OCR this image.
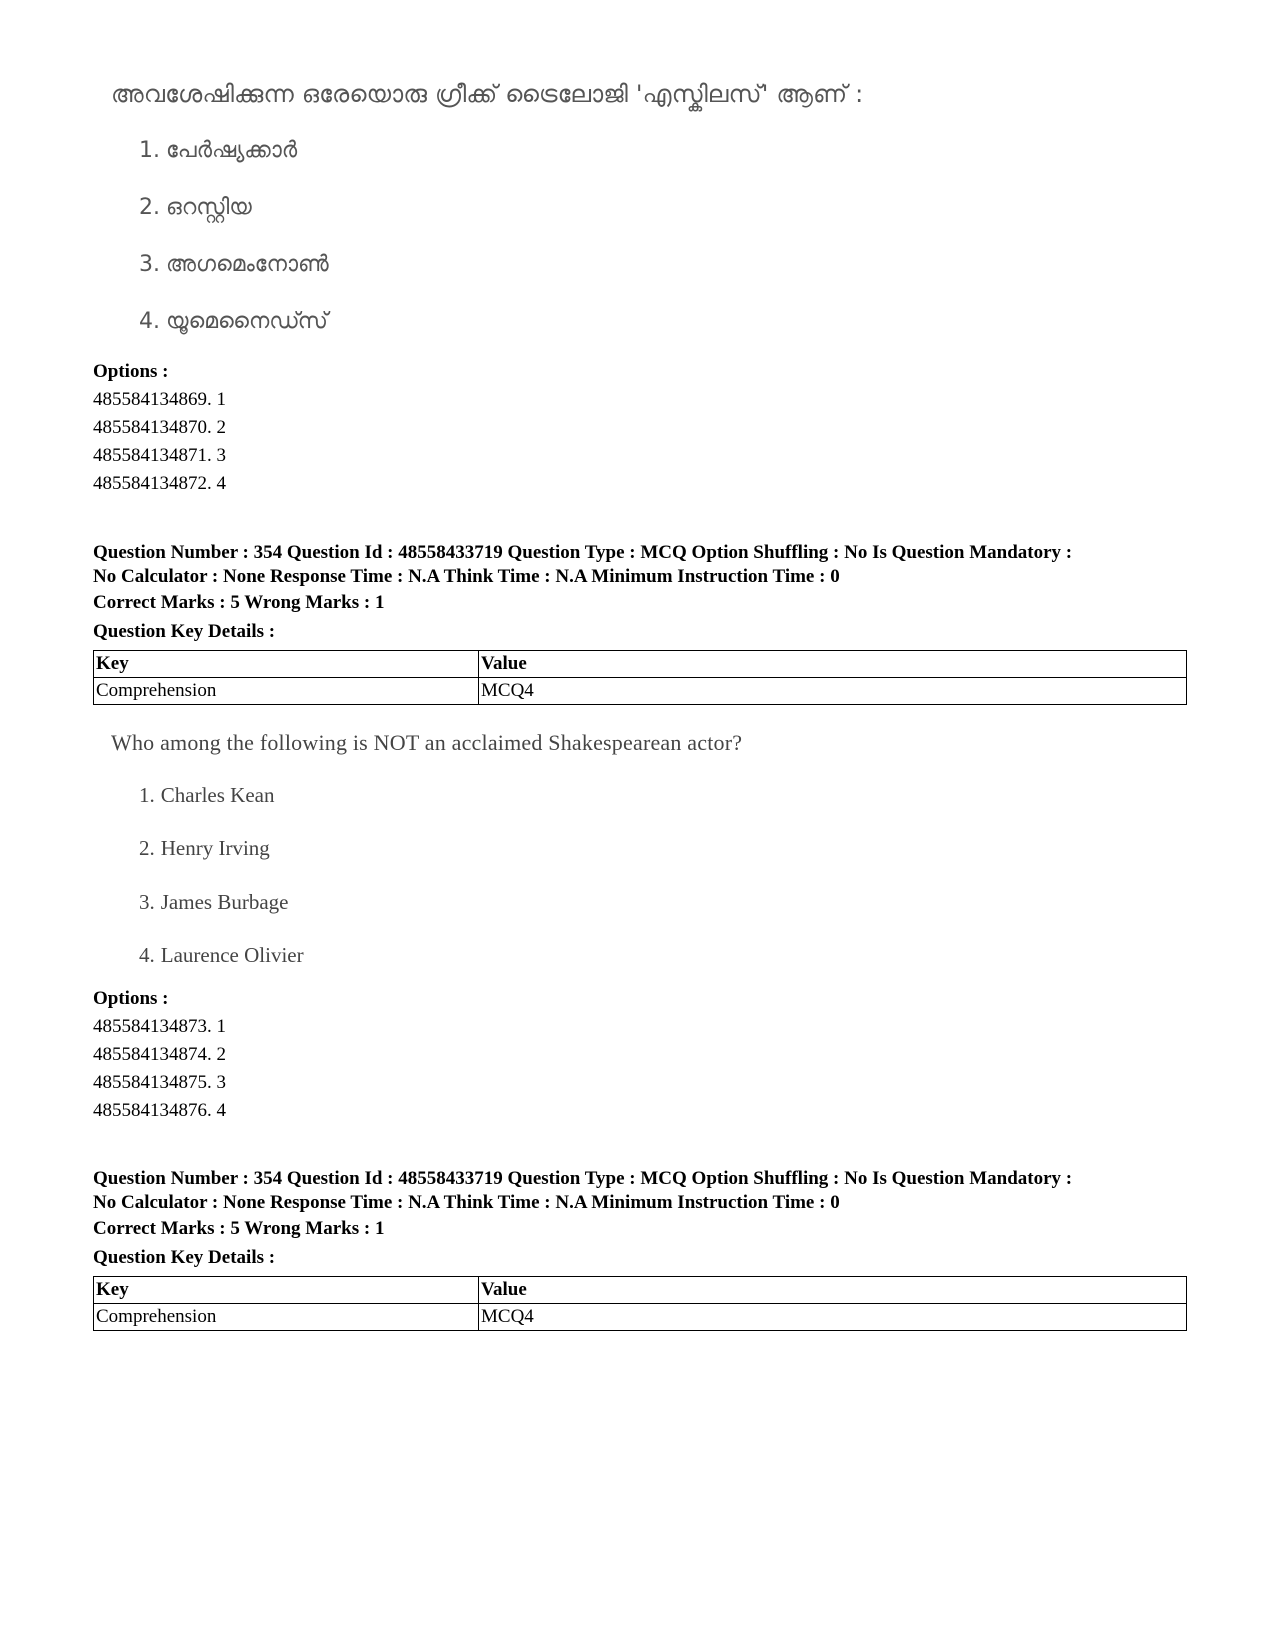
അവശേഷിക്കുന്ന ഒരേയൊരു ഗ്രീക്ക് ട്രൈലോജി 'എസ്കിലസ്' ആണ് :
1. പേർഷ്യക്കാർ
2. ഒറസ്റ്റിയ
3. അഗമെംനോൺ
4. യൂമെനൈഡ്സ്
Options :
485584134869. 1
485584134870. 2
485584134871. 3
485584134872. 4
Question Number : 354 Question Id : 48558433719 Question Type : MCQ Option Shuffling : No Is Question Mandatory :
No Calculator : None Response Time : N.A Think Time : N.A Minimum Instruction Time : 0
Correct Marks : 5 Wrong Marks : 1
Question Key Details :
Key	Value
Comprehension	MCQ4
Who among the following is NOT an acclaimed Shakespearean actor?
1. Charles Kean
2. Henry Irving
3. James Burbage
4. Laurence Olivier
Options :
485584134873. 1
485584134874. 2
485584134875. 3
485584134876. 4
Question Number : 354 Question Id : 48558433719 Question Type : MCQ Option Shuffling : No Is Question Mandatory :
No Calculator : None Response Time : N.A Think Time : N.A Minimum Instruction Time : 0
Correct Marks : 5 Wrong Marks : 1
Question Key Details :
Key	Value
Comprehension	MCQ4
